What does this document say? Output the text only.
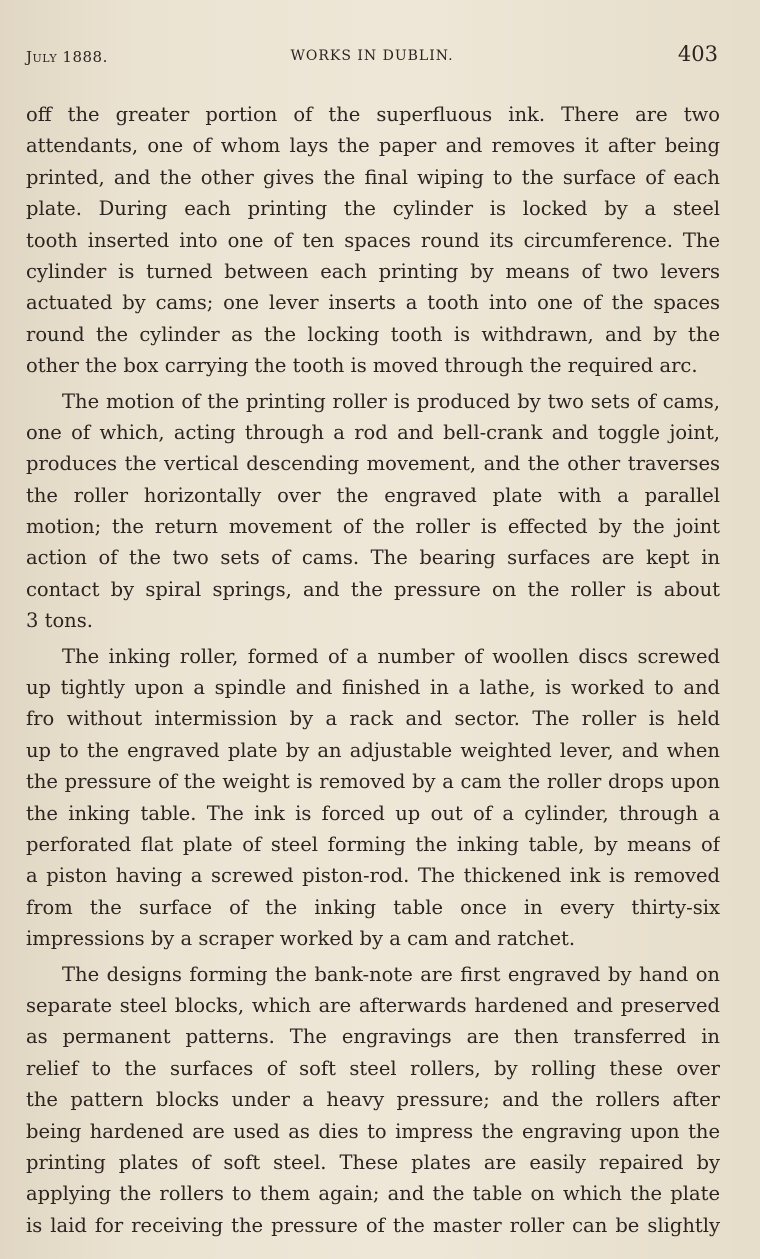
July 1888.	WORKS IN DUBLIN.	403
off the greater portion of the superfluous ink. There are two
attendants, one of whom lays the paper and removes it after being
printed, and the other gives the final wiping to the surface of each
plate. During each printing the cylinder is locked by a steel
tooth inserted into one of ten spaces round its circumference. The
cylinder is turned between each printing by means of two levers
actuated by cams; one lever inserts a tooth into one of the spaces
round the cylinder as the locking tooth is withdrawn, and by the
other the box carrying the tooth is moved through the required arc.
The motion of the printing roller is produced by two sets of cams,
one of which, acting through a rod and bell-crank and toggle joint,
produces the vertical descending movement, and the other traverses
the roller horizontally over the engraved plate with a parallel
motion; the return movement of the roller is effected by the joint
action of the two sets of cams. The bearing surfaces are kept in
contact by spiral springs, and the pressure on the roller is about
3 tons.
The inking roller, formed of a number of woollen discs screwed
up tightly upon a spindle and finished in a lathe, is worked to and
fro without intermission by a rack and sector. The roller is held
up to the engraved plate by an adjustable weighted lever, and when
the pressure of the weight is removed by a cam the roller drops upon
the inking table. The ink is forced up out of a cylinder, through a
perforated flat plate of steel forming the inking table, by means of
a piston having a screwed piston-rod. The thickened ink is removed
from the surface of the inking table once in every thirty-six
impressions by a scraper worked by a cam and ratchet.
The designs forming the bank-note are first engraved by hand on
separate steel blocks, which are afterwards hardened and preserved
as permanent patterns. The engravings are then transferred in
relief to the surfaces of soft steel rollers, by rolling these over
the pattern blocks under a heavy pressure; and the rollers after
being hardened are used as dies to impress the engraving upon the
printing plates of soft steel. These plates are easily repaired by
applying the rollers to them again; and the table on which the plate
is laid for receiving the pressure of the master roller can be slightly
